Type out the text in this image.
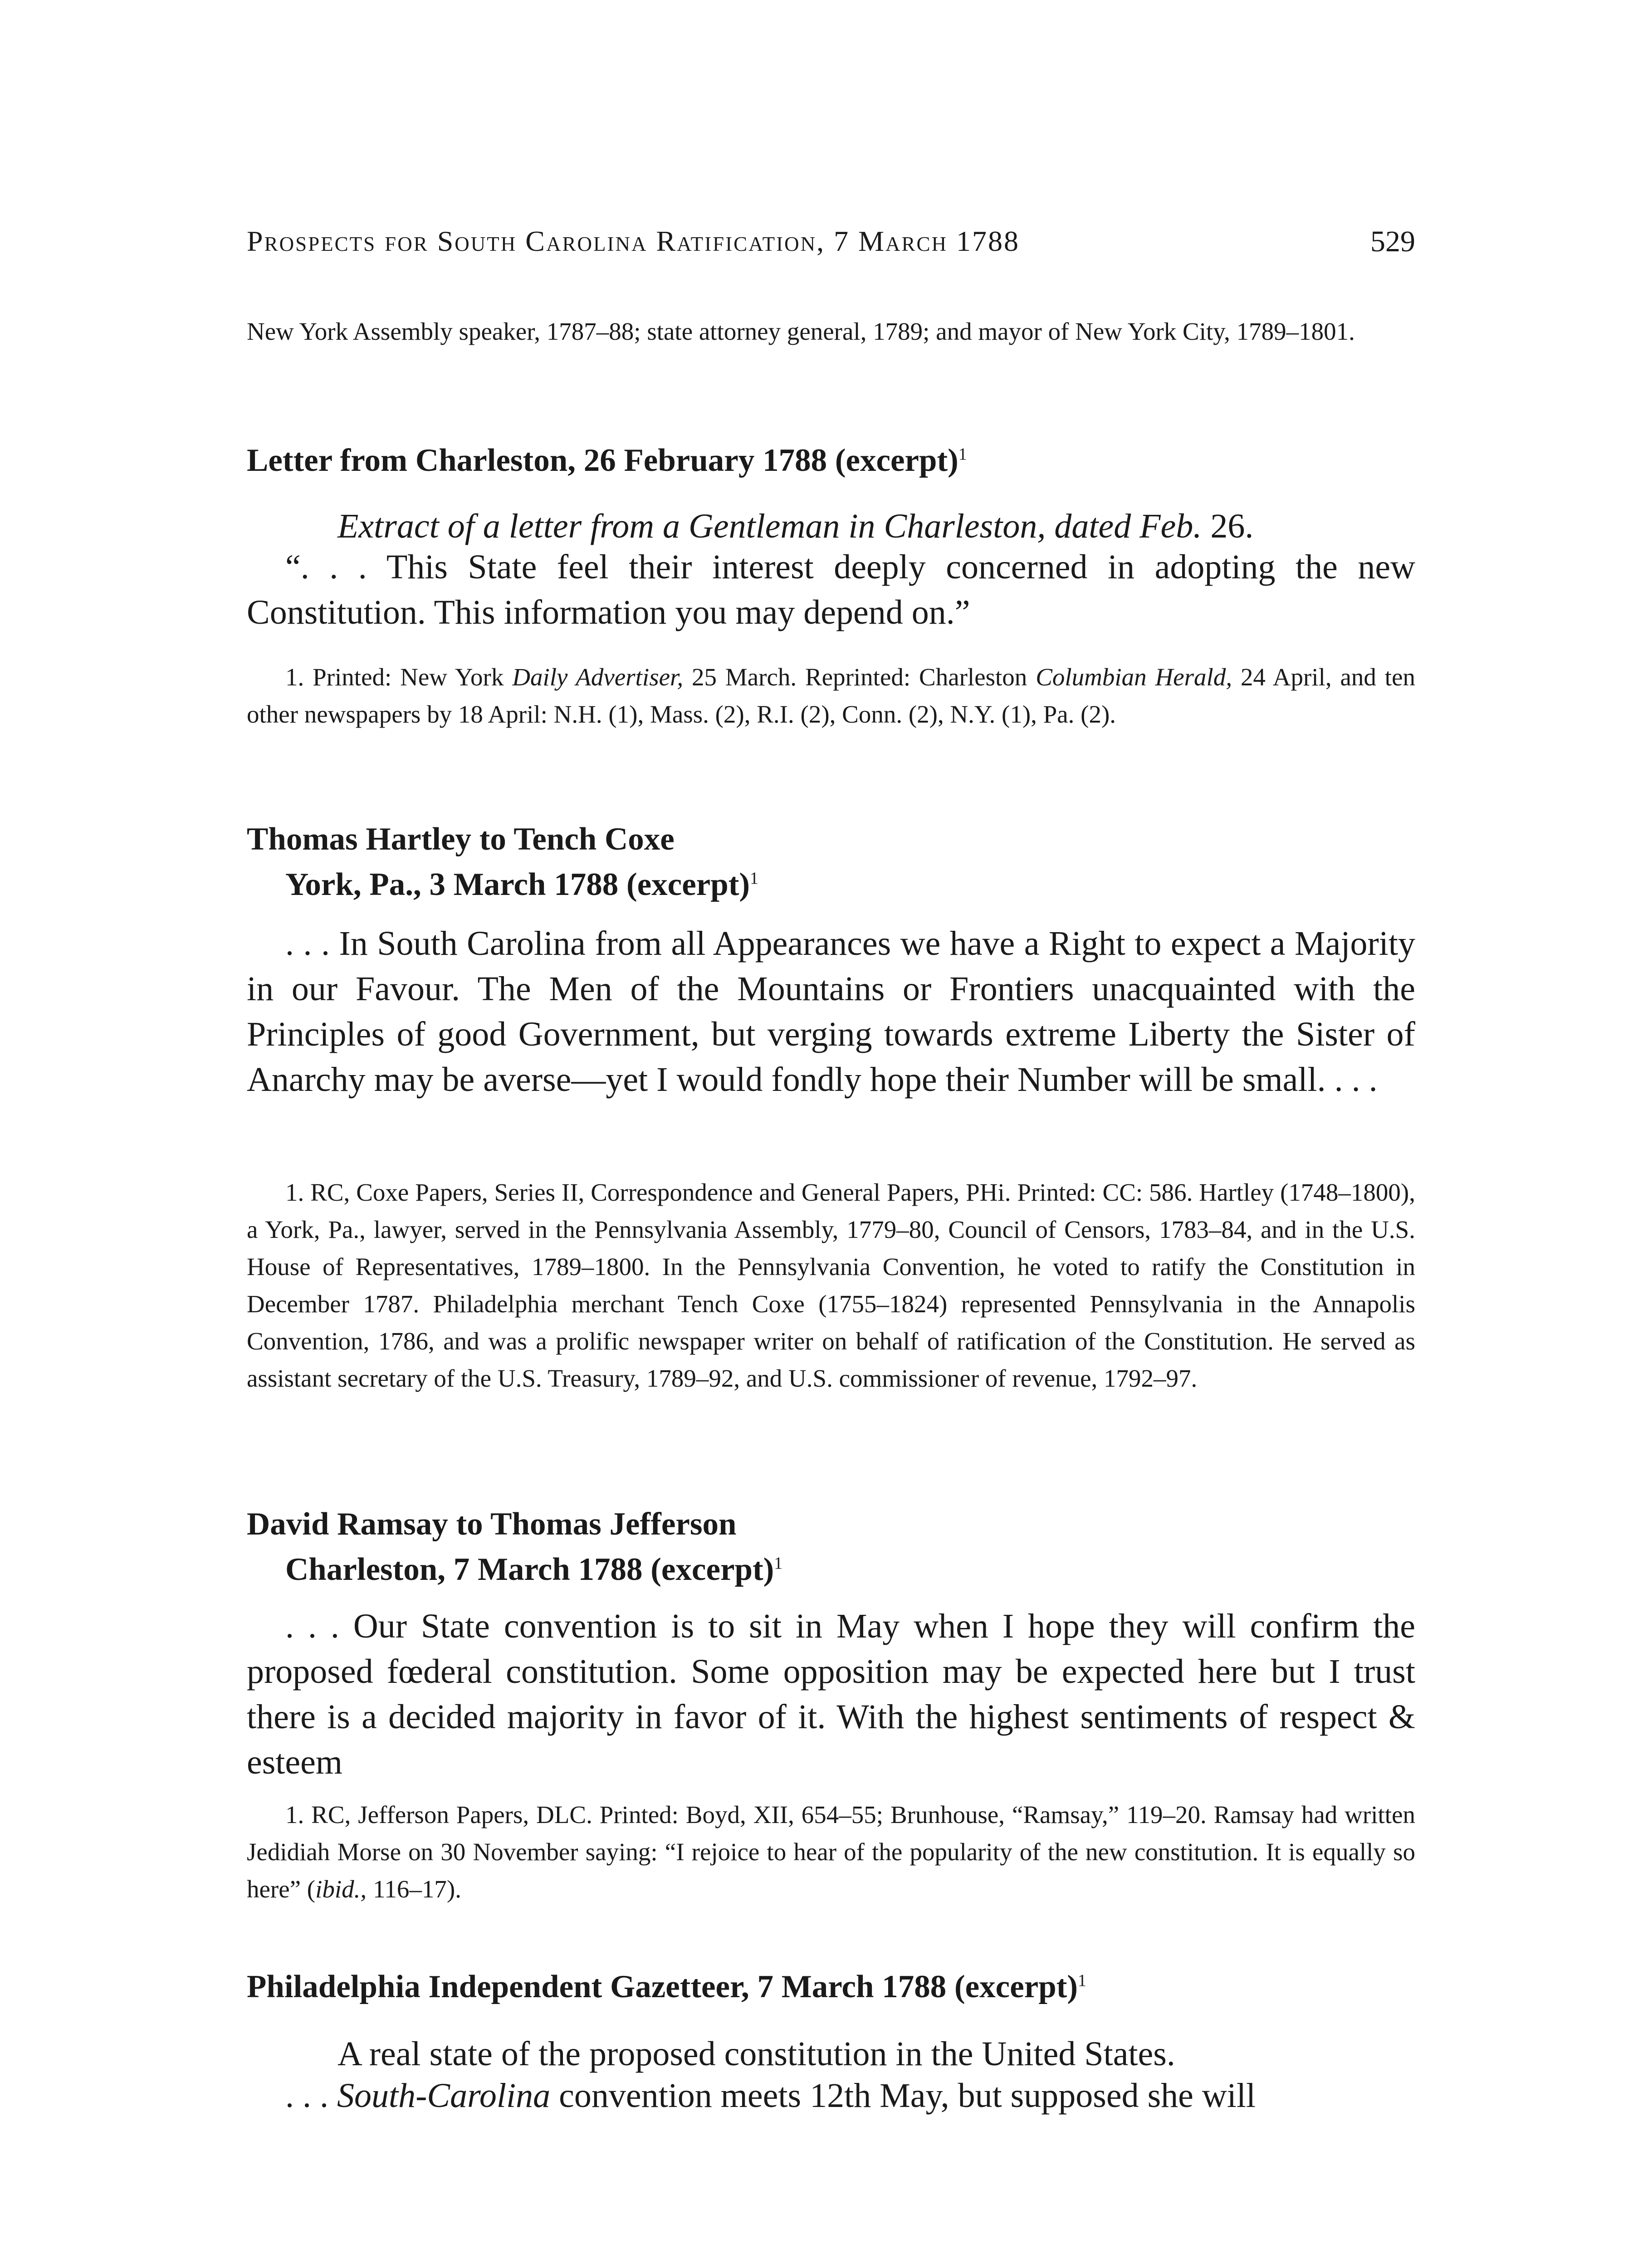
Prospects for South Carolina Ratification, 7 March 1788	529

New York Assembly speaker, 1787–88; state attorney general, 1789; and mayor of New York City, 1789–1801.

Letter from Charleston, 26 February 1788 (excerpt)$^1$

Extract of a letter from a Gentleman in Charleston, dated Feb. 26.

“. . . This State feel their interest deeply concerned in adopting the new Constitution. This information you may depend on.”

1. Printed: New York Daily Advertiser, 25 March. Reprinted: Charleston Columbian Herald, 24 April, and ten other newspapers by 18 April: N.H. (1), Mass. (2), R.I. (2), Conn. (2), N.Y. (1), Pa. (2).

Thomas Hartley to Tench Coxe
York, Pa., 3 March 1788 (excerpt)$^1$

. . . In South Carolina from all Appearances we have a Right to expect a Majority in our Favour. The Men of the Mountains or Frontiers unacquainted with the Principles of good Government, but verging towards extreme Liberty the Sister of Anarchy may be averse—yet I would fondly hope their Number will be small. . . .

1. RC, Coxe Papers, Series II, Correspondence and General Papers, PHi. Printed: CC: 586. Hartley (1748–1800), a York, Pa., lawyer, served in the Pennsylvania Assembly, 1779–80, Council of Censors, 1783–84, and in the U.S. House of Representatives, 1789–1800. In the Pennsylvania Convention, he voted to ratify the Constitution in December 1787. Philadelphia merchant Tench Coxe (1755–1824) represented Pennsylvania in the Annapolis Convention, 1786, and was a prolific newspaper writer on behalf of ratification of the Constitution. He served as assistant secretary of the U.S. Treasury, 1789–92, and U.S. commissioner of revenue, 1792–97.

David Ramsay to Thomas Jefferson
Charleston, 7 March 1788 (excerpt)$^1$

. . . Our State convention is to sit in May when I hope they will confirm the proposed fœderal constitution. Some opposition may be expected here but I trust there is a decided majority in favor of it. With the highest sentiments of respect & esteem

1. RC, Jefferson Papers, DLC. Printed: Boyd, XII, 654–55; Brunhouse, “Ramsay,” 119–20. Ramsay had written Jedidiah Morse on 30 November saying: “I rejoice to hear of the popularity of the new constitution. It is equally so here” (ibid., 116–17).

Philadelphia Independent Gazetteer, 7 March 1788 (excerpt)$^1$

A real state of the proposed constitution in the United States.

. . . South-Carolina convention meets 12th May, but supposed she will
